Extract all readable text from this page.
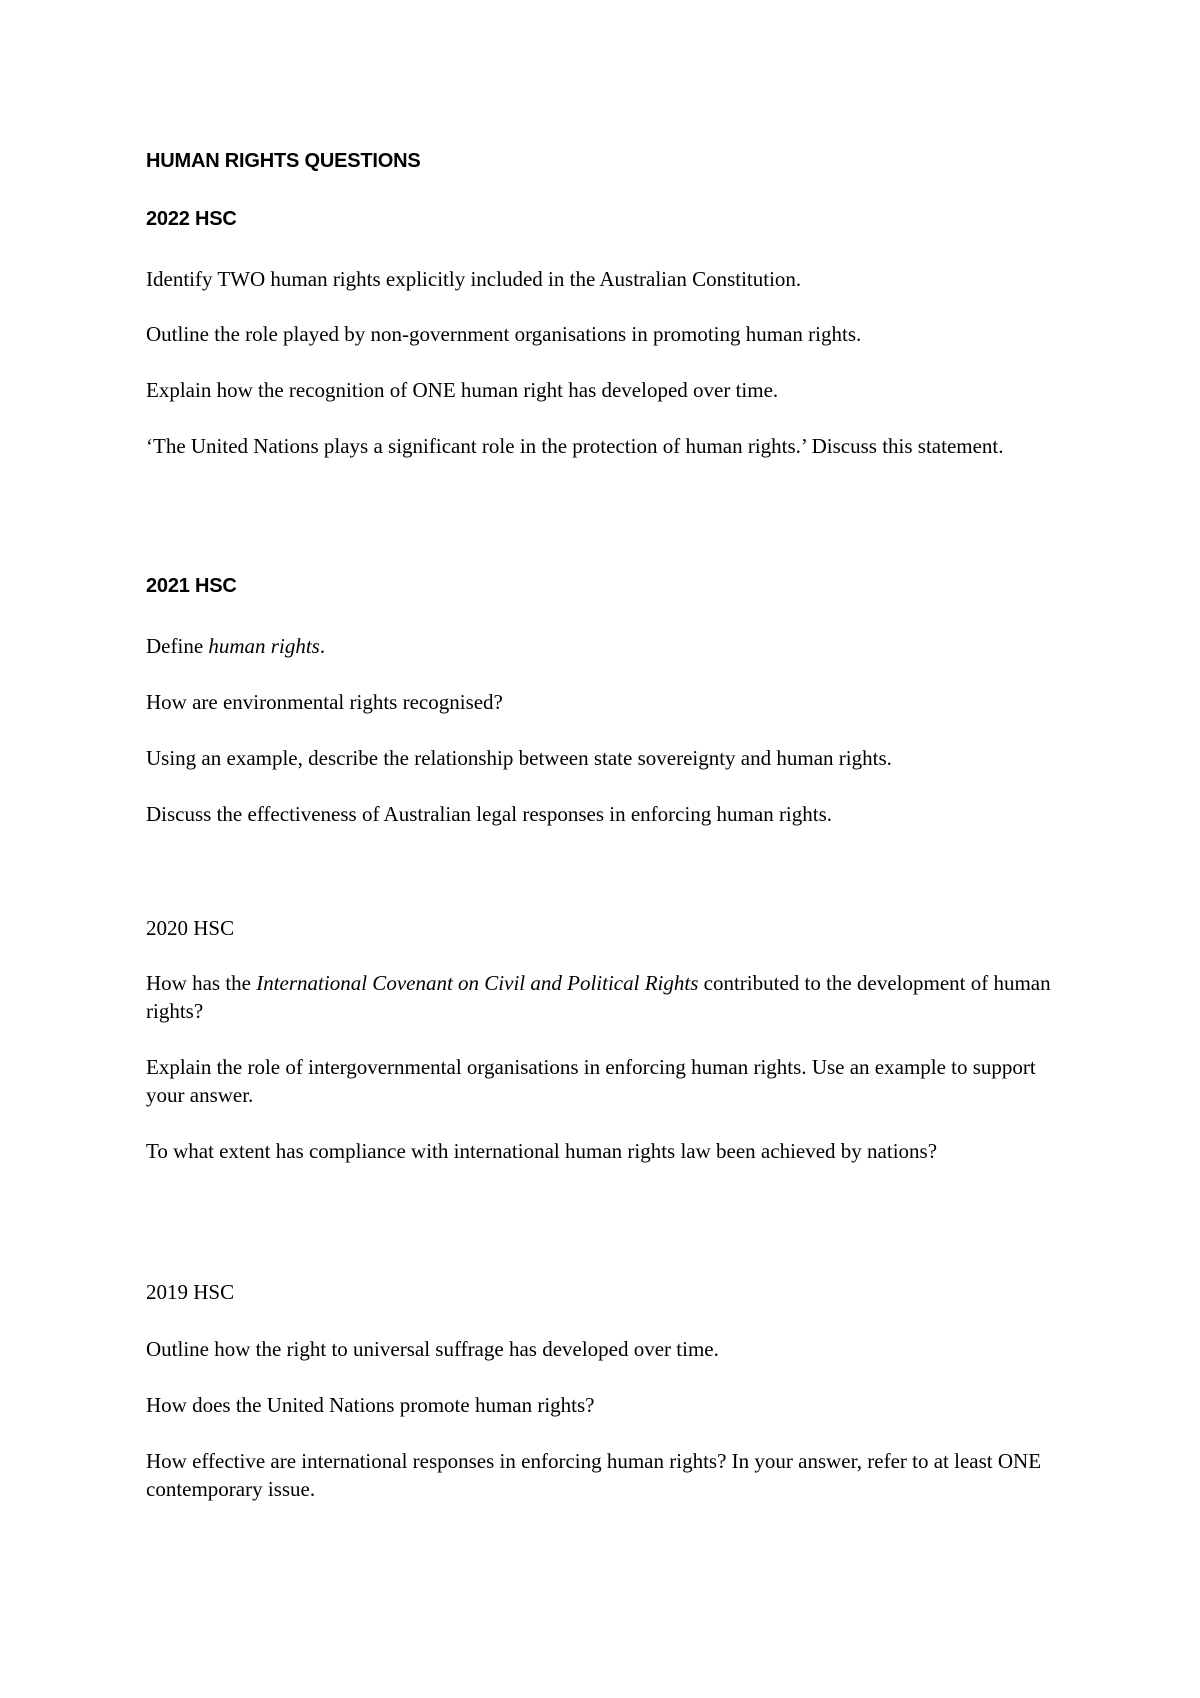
HUMAN RIGHTS QUESTIONS

2022 HSC

Identify TWO human rights explicitly included in the Australian Constitution.

Outline the role played by non-government organisations in promoting human rights.

Explain how the recognition of ONE human right has developed over time.

‘The United Nations plays a significant role in the protection of human rights.’ Discuss this statement.

2021 HSC

Define human rights.

How are environmental rights recognised?

Using an example, describe the relationship between state sovereignty and human rights.

Discuss the effectiveness of Australian legal responses in enforcing human rights.

2020 HSC

How has the International Covenant on Civil and Political Rights contributed to the development of human rights?

Explain the role of intergovernmental organisations in enforcing human rights. Use an example to support your answer.

To what extent has compliance with international human rights law been achieved by nations?

2019 HSC

Outline how the right to universal suffrage has developed over time.

How does the United Nations promote human rights?

How effective are international responses in enforcing human rights? In your answer, refer to at least ONE contemporary issue.
